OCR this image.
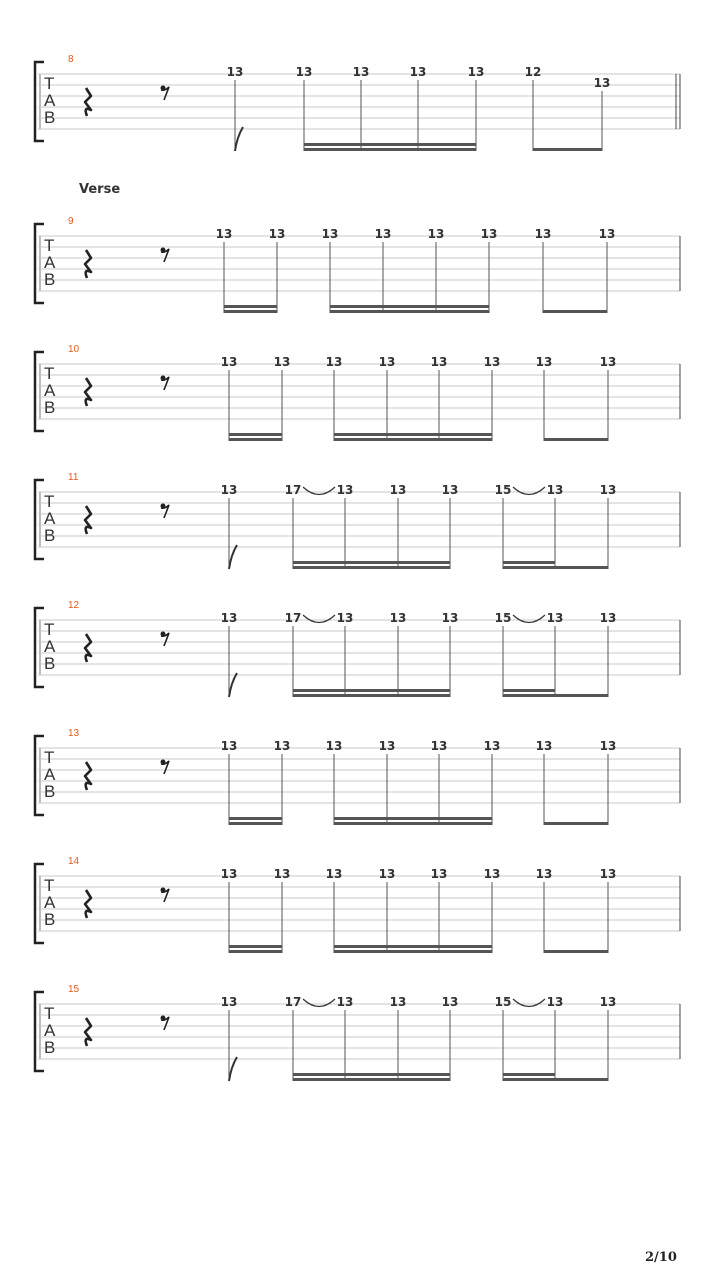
8
T
A
B
13	13	13	13	13	12
13
9
T
A
B
13	13	13	13	13	13	13	13
10
T
A
B
13	13	13	13	13	13	13	13
11
T
A
B
13	17	13	13	13	15	13	13
12
T
A
B
13	17	13	13	13	15	13	13
13
T
A
B
13	13	13	13	13	13	13	13
14
T
A
B
13	13	13	13	13	13	13	13
15
T
A
B
13	17	13	13	13	15	13	13
Verse
2/10
